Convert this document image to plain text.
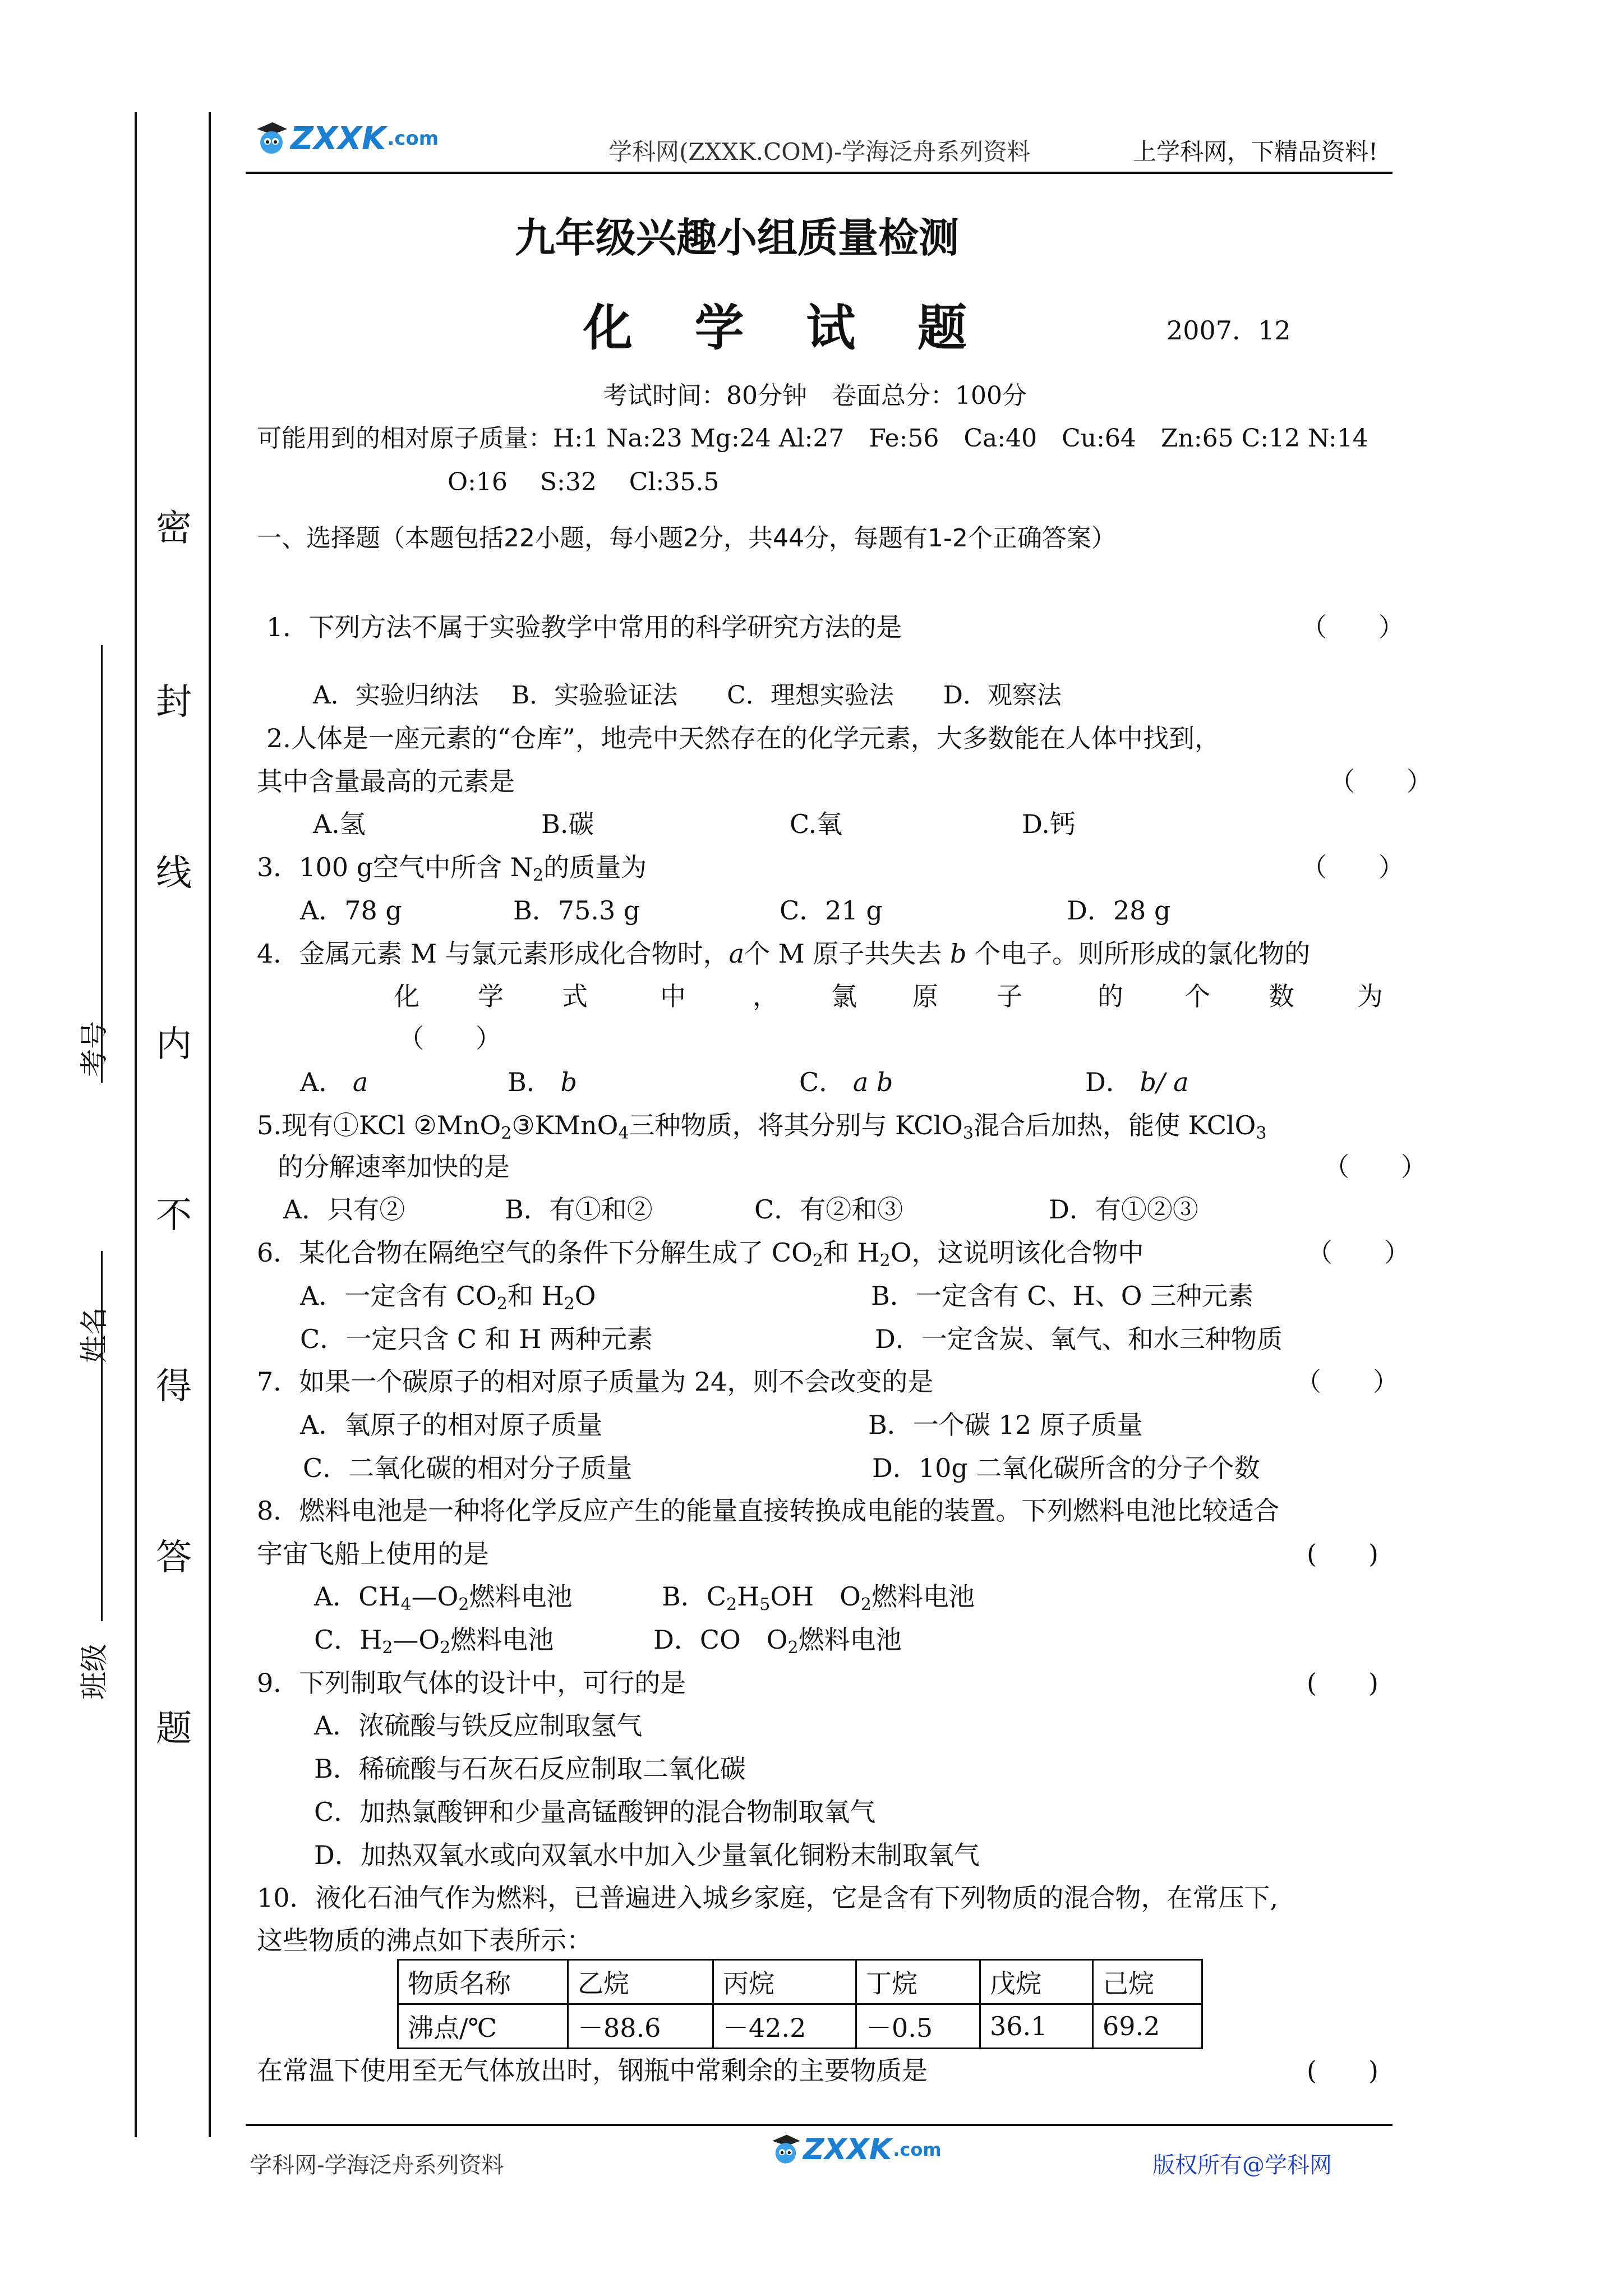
密
封
线
内
不
得
答
题
考号
姓名
班级
ZXXK .com	学科网(ZXXK.COM)-学海泛舟系列资料	上学科网，下精品资料!
九年级兴趣小组质量检测
化 学 试 题	2007．12
考试时间：80分钟　卷面总分：100分
可能用到的相对原子质量：H:1 Na:23 Mg:24 Al:27　Fe:56　Ca:40　Cu:64　Zn:65 C:12 N:14
O:16　 S:32　 Cl:35.5
一、选择题（本题包括22小题，每小题2分，共44分，每题有1-2个正确答案）
1．下列方法不属于实验教学中常用的科学研究方法的是	（　　）
A．实验归纳法　 B．实验验证法　　C．理想实验法　　D．观察法
2.人体是一座元素的“仓库”，地壳中天然存在的化学元素，大多数能在人体中找到，
其中含量最高的元素是	（　　）
A.氢	B.碳	C.氧	D.钙
3．100 g空气中所含 $N_2$的质量为	（　　）
A．78 g	B．75.3 g	C．21 g	D．28 g
4．金属元素 M 与氯元素形成化合物时，a个 M 原子共失去 b 个电子。则所形成的氯化物的
化 学 式	中	， 氯 原 子	的 个 数 为
（　　）
A． a	B． b	C． a b	D． b/ a
5.现有①KCl ②MnO$_2$③KMnO$_4$三种物质，将其分别与 KClO$_3$混合后加热，能使 KClO$_3$
的分解速率加快的是	（　　）
A．只有②	B．有①和②	C．有②和③	D．有①②③
6．某化合物在隔绝空气的条件下分解生成了 $CO_2$和 $H_2O$，这说明该化合物中	（　　）
A．一定含有 $CO_2$和 $H_2O$	B．一定含有 C、H、O 三种元素
C．一定只含 C 和 H 两种元素	D．一定含炭、氧气、和水三种物质
7．如果一个碳原子的相对原子质量为 24，则不会改变的是	（　　）
A．氧原子的相对原子质量	B．一个碳 12 原子质量
C．二氧化碳的相对分子质量	D．10g 二氧化碳所含的分子个数
8．燃料电池是一种将化学反应产生的能量直接转换成电能的装置。下列燃料电池比较适合
宇宙飞船上使用的是	(　　)
A．$CH_4—O_2$燃料电池	B．$C_2H_5OH$　$O_2$燃料电池
C．$H_2—O_2$燃料电池	D．CO　$O_2$燃料电池
9．下列制取气体的设计中，可行的是	(　　)
A．浓硫酸与铁反应制取氢气
B．稀硫酸与石灰石反应制取二氧化碳
C．加热氯酸钾和少量高锰酸钾的混合物制取氧气
D．加热双氧水或向双氧水中加入少量氧化铜粉末制取氧气
10．液化石油气作为燃料，已普遍进入城乡家庭，它是含有下列物质的混合物，在常压下,
这些物质的沸点如下表所示：
物质名称	乙烷	丙烷	丁烷	戊烷	己烷
沸点/℃	－88.6	－42.2	－0.5	36.1	69.2
在常温下使用至无气体放出时，钢瓶中常剩余的主要物质是	(　　)
学科网-学海泛舟系列资料	ZXXK .com
版权所有@学科网
